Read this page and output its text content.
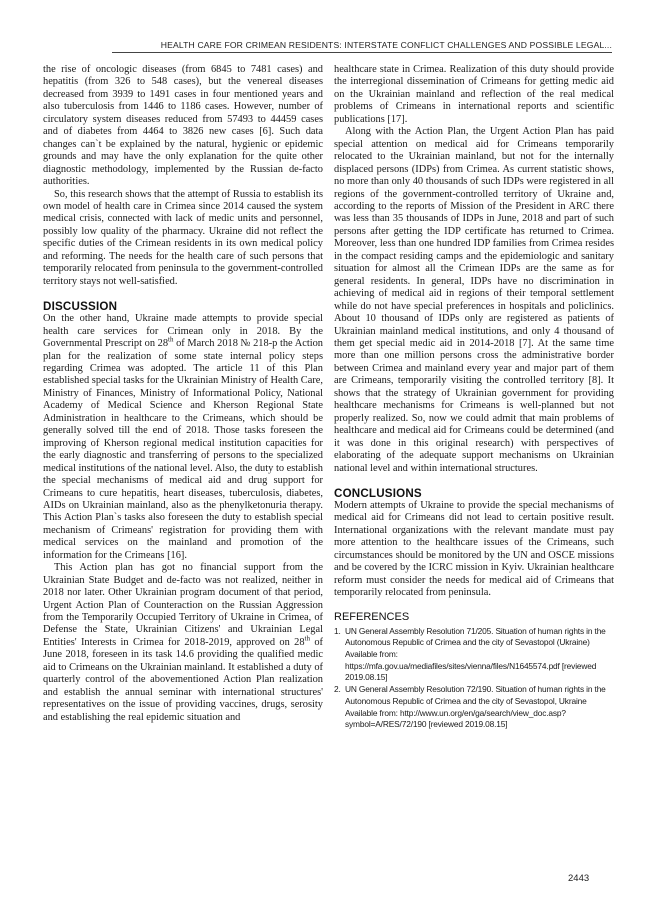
HEALTH CARE FOR CRIMEAN RESIDENTS: INTERSTATE CONFLICT CHALLENGES AND POSSIBLE LEGAL...

the rise of oncologic diseases (from 6845 to 7481 cases) and hepatitis (from 326 to 548 cases), but the venereal diseases decreased from 3939 to 1491 cases in four mentioned years and also tuberculosis from 1446 to 1186 cases. However, number of circulatory system diseases reduced from 57493 to 44459 cases and of diabetes from 4464 to 3826 new cases [6]. Such data changes can`t be explained by the natural, hygienic or epidemic grounds and may have the only explanation for the quite other diagnostic methodology, implemented by the Russian de-facto authorities.

So, this research shows that the attempt of Russia to establish its own model of health care in Crimea since 2014 caused the system medical crisis, connected with lack of medic units and personnel, possibly low quality of the pharmacy. Ukraine did not reflect the specific duties of the Crimean residents in its own medical policy and reforming. The needs for the health care of such persons that temporarily relocated from peninsula to the government-controlled territory stays not well-satisfied.

DISCUSSION

On the other hand, Ukraine made attempts to provide special health care services for Crimean only in 2018. By the Governmental Prescript on 28th of March 2018 № 218-p the Action plan for the realization of some state internal policy steps regarding Crimea was adopted. The article 11 of this Plan established special tasks for the Ukrainian Ministry of Health Care, Ministry of Finances, Ministry of Informational Policy, National Academy of Medical Science and Kherson Regional State Administration in healthcare to the Crimeans, which should be generally solved till the end of 2018. Those tasks foreseen the improving of Kherson regional medical institution capacities for the early diagnostic and transferring of persons to the specialized medical institutions of the national level. Also, the duty to establish the special mechanisms of medical aid and drug support for Crimeans to cure hepatitis, heart diseases, tuberculosis, diabetes, AIDs on Ukrainian mainland, also as the phenylketonuria therapy. This Action Plan`s tasks also foreseen the duty to establish special mechanism of Crimeans' registration for providing them with medical services on the mainland and promotion of the information for the Crimeans [16].

This Action plan has got no financial support from the Ukrainian State Budget and de-facto was not realized, neither in 2018 nor later. Other Ukrainian program document of that period, Urgent Action Plan of Counteraction on the Russian Aggression from the Temporarily Occupied Territory of Ukraine in Crimea, of Defense the State, Ukrainian Citizens' and Ukrainian Legal Entities' Interests in Crimea for 2018-2019, approved on 28th of June 2018, foreseen in its task 14.6 providing the qualified medic aid to Crimeans on the Ukrainian mainland. It established a duty of quarterly control of the abovementioned Action Plan realization and establish the annual seminar with international structures' representatives on the issue of providing vaccines, drugs, serosity and establishing the real epidemic situation and

healthcare state in Crimea. Realization of this duty should provide the interregional dissemination of Crimeans for getting medic aid on the Ukrainian mainland and reflection of the real medical problems of Crimeans in international reports and scientific publications [17].

Along with the Action Plan, the Urgent Action Plan has paid special attention on medical aid for Crimeans temporarily relocated to the Ukrainian mainland, but not for the internally displaced persons (IDPs) from Crimea. As current statistic shows, no more than only 40 thousands of such IDPs were registered in all regions of the government-controlled territory of Ukraine and, according to the reports of Mission of the President in ARC there was less than 35 thousands of IDPs in June, 2018 and part of such persons after getting the IDP certificate has returned to Crimea. Moreover, less than one hundred IDP families from Crimea resides in the compact residing camps and the epidemiologic and sanitary situation for almost all the Crimean IDPs are the same as for general residents. In general, IDPs have no discrimination in achieving of medical aid in regions of their temporal settlement while do not have special preferences in hospitals and policlinics. About 10 thousand of IDPs only are registered as patients of Ukrainian mainland medical institutions, and only 4 thousand of them get special medic aid in 2014-2018 [7]. At the same time more than one million persons cross the administrative border between Crimea and mainland every year and major part of them are Crimeans, temporarily visiting the controlled territory [8]. It shows that the strategy of Ukrainian government for providing healthcare mechanisms for Crimeans is well-planned but not properly realized. So, now we could admit that main problems of healthcare and medical aid for Crimeans could be determined (and it was done in this original research) with perspectives of elaborating of the adequate support mechanisms on Ukrainian national level and within international structures.

CONCLUSIONS

Modern attempts of Ukraine to provide the special mechanisms of medical aid for Crimeans did not lead to certain positive result. International organizations with the relevant mandate must pay more attention to the healthcare issues of the Crimeans, such circumstances should be monitored by the UN and OSCE missions and be covered by the ICRC mission in Kyiv. Ukrainian healthcare reform must consider the needs for medical aid of Crimeans that temporarily relocated from peninsula.

REFERENCES
1. UN General Assembly Resolution 71/205. Situation of human rights in the Autonomous Republic of Crimea and the city of Sevastopol (Ukraine) Available from: https://mfa.gov.ua/mediafiles/sites/vienna/files/N1645574.pdf [reviewed 2019.08.15]
2. UN General Assembly Resolution 72/190. Situation of human rights in the Autonomous Republic of Crimea and the city of Sevastopol, Ukraine Available from: http://www.un.org/en/ga/search/view_doc.asp?symbol=A/RES/72/190 [reviewed 2019.08.15]
2443
